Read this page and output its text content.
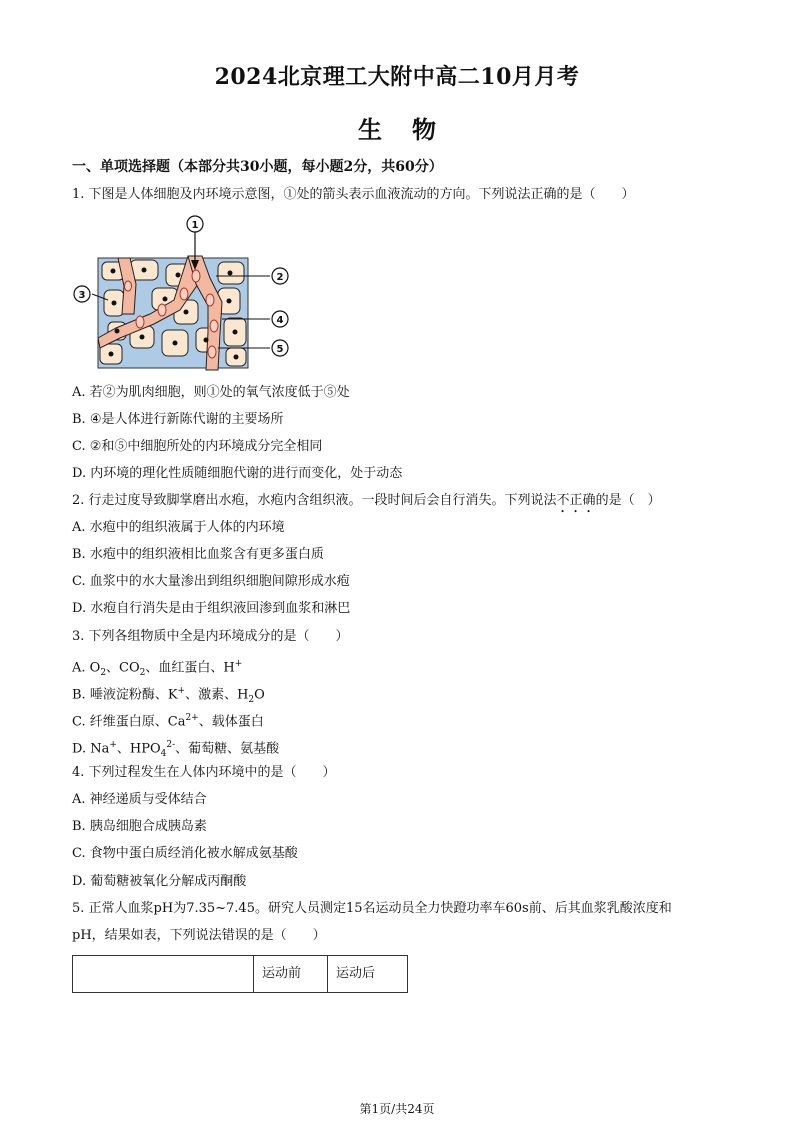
2024北京理工大附中高二10月月考
生物
一、单项选择题（本部分共30小题，每小题2分，共60分）
1. 下图是人体细胞及内环境示意图，①处的箭头表示血液流动的方向。下列说法正确的是（　　）
1
2
3
4
5
A. 若②为肌肉细胞，则①处的氧气浓度低于⑤处
B. ④是人体进行新陈代谢的主要场所
C. ②和⑤中细胞所处的内环境成分完全相同
D. 内环境的理化性质随细胞代谢的进行而变化，处于动态
2. 行走过度导致脚掌磨出水疱，水疱内含组织液。一段时间后会自行消失。下列说法不正确的是（　）
A. 水疱中的组织液属于人体的内环境
B. 水疱中的组织液相比血浆含有更多蛋白质
C. 血浆中的水大量渗出到组织细胞间隙形成水疱
D. 水疱自行消失是由于组织液回渗到血浆和淋巴
3. 下列各组物质中全是内环境成分的是（　　）
A. $O_2$、$CO_2$、血红蛋白、H+
B. 唾液淀粉酶、K+、激素、$H_2O$
C. 纤维蛋白原、$Ca^{2+}$、载体蛋白
D. Na+、$HPO_4^{2-}$、葡萄糖、氨基酸
4. 下列过程发生在人体内环境中的是（　　）
A. 神经递质与受体结合
B. 胰岛细胞合成胰岛素
C. 食物中蛋白质经消化被水解成氨基酸
D. 葡萄糖被氧化分解成丙酮酸
5. 正常人血浆pH为7.35~7.45。研究人员测定15名运动员全力快蹬功率车60s前、后其血浆乳酸浓度和
pH，结果如表，下列说法错误的是（　　）
	运动前	运动后
第1页/共24页
